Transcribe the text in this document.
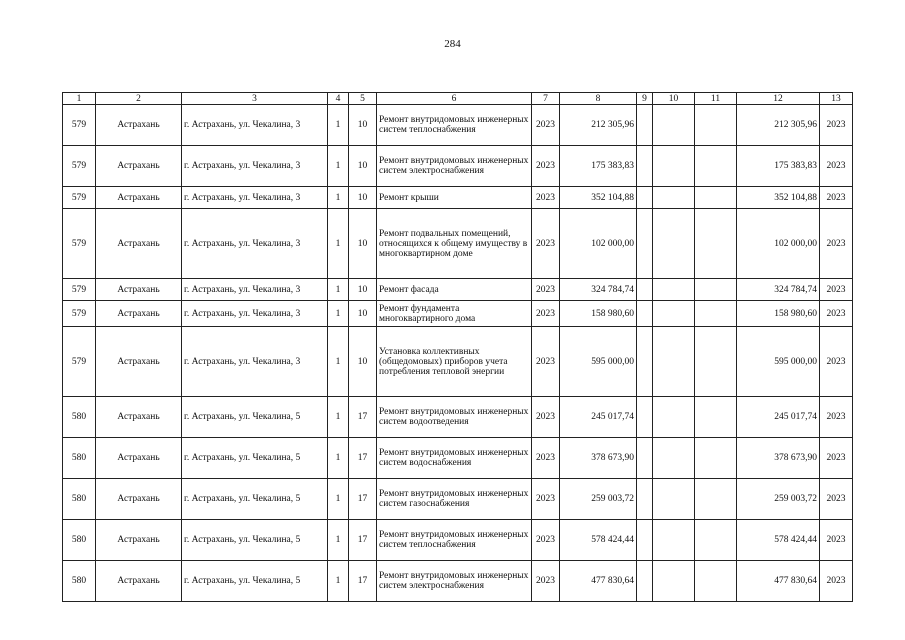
284
1	2	3	4	5	6	7	8	9	10	11	12	13
579	Астрахань	г. Астрахань, ул. Чекалина, 3	1	10	Ремонт внутридомовых инженерных систем теплоснабжения	2023	212 305,96				212 305,96	2023
579	Астрахань	г. Астрахань, ул. Чекалина, 3	1	10	Ремонт внутридомовых инженерных систем электроснабжения	2023	175 383,83				175 383,83	2023
579	Астрахань	г. Астрахань, ул. Чекалина, 3	1	10	Ремонт крыши	2023	352 104,88				352 104,88	2023
579	Астрахань	г. Астрахань, ул. Чекалина, 3	1	10	Ремонт подвальных помещений, относящихся к общему имуществу в многоквартирном доме	2023	102 000,00				102 000,00	2023
579	Астрахань	г. Астрахань, ул. Чекалина, 3	1	10	Ремонт фасада	2023	324 784,74				324 784,74	2023
579	Астрахань	г. Астрахань, ул. Чекалина, 3	1	10	Ремонт фундамента многоквартирного дома	2023	158 980,60				158 980,60	2023
579	Астрахань	г. Астрахань, ул. Чекалина, 3	1	10	Установка коллективных (общедомовых) приборов учета потребления тепловой энергии	2023	595 000,00				595 000,00	2023
580	Астрахань	г. Астрахань, ул. Чекалина, 5	1	17	Ремонт внутридомовых инженерных систем водоотведения	2023	245 017,74				245 017,74	2023
580	Астрахань	г. Астрахань, ул. Чекалина, 5	1	17	Ремонт внутридомовых инженерных систем водоснабжения	2023	378 673,90				378 673,90	2023
580	Астрахань	г. Астрахань, ул. Чекалина, 5	1	17	Ремонт внутридомовых инженерных систем газоснабжения	2023	259 003,72				259 003,72	2023
580	Астрахань	г. Астрахань, ул. Чекалина, 5	1	17	Ремонт внутридомовых инженерных систем теплоснабжения	2023	578 424,44				578 424,44	2023
580	Астрахань	г. Астрахань, ул. Чекалина, 5	1	17	Ремонт внутридомовых инженерных систем электроснабжения	2023	477 830,64				477 830,64	2023
